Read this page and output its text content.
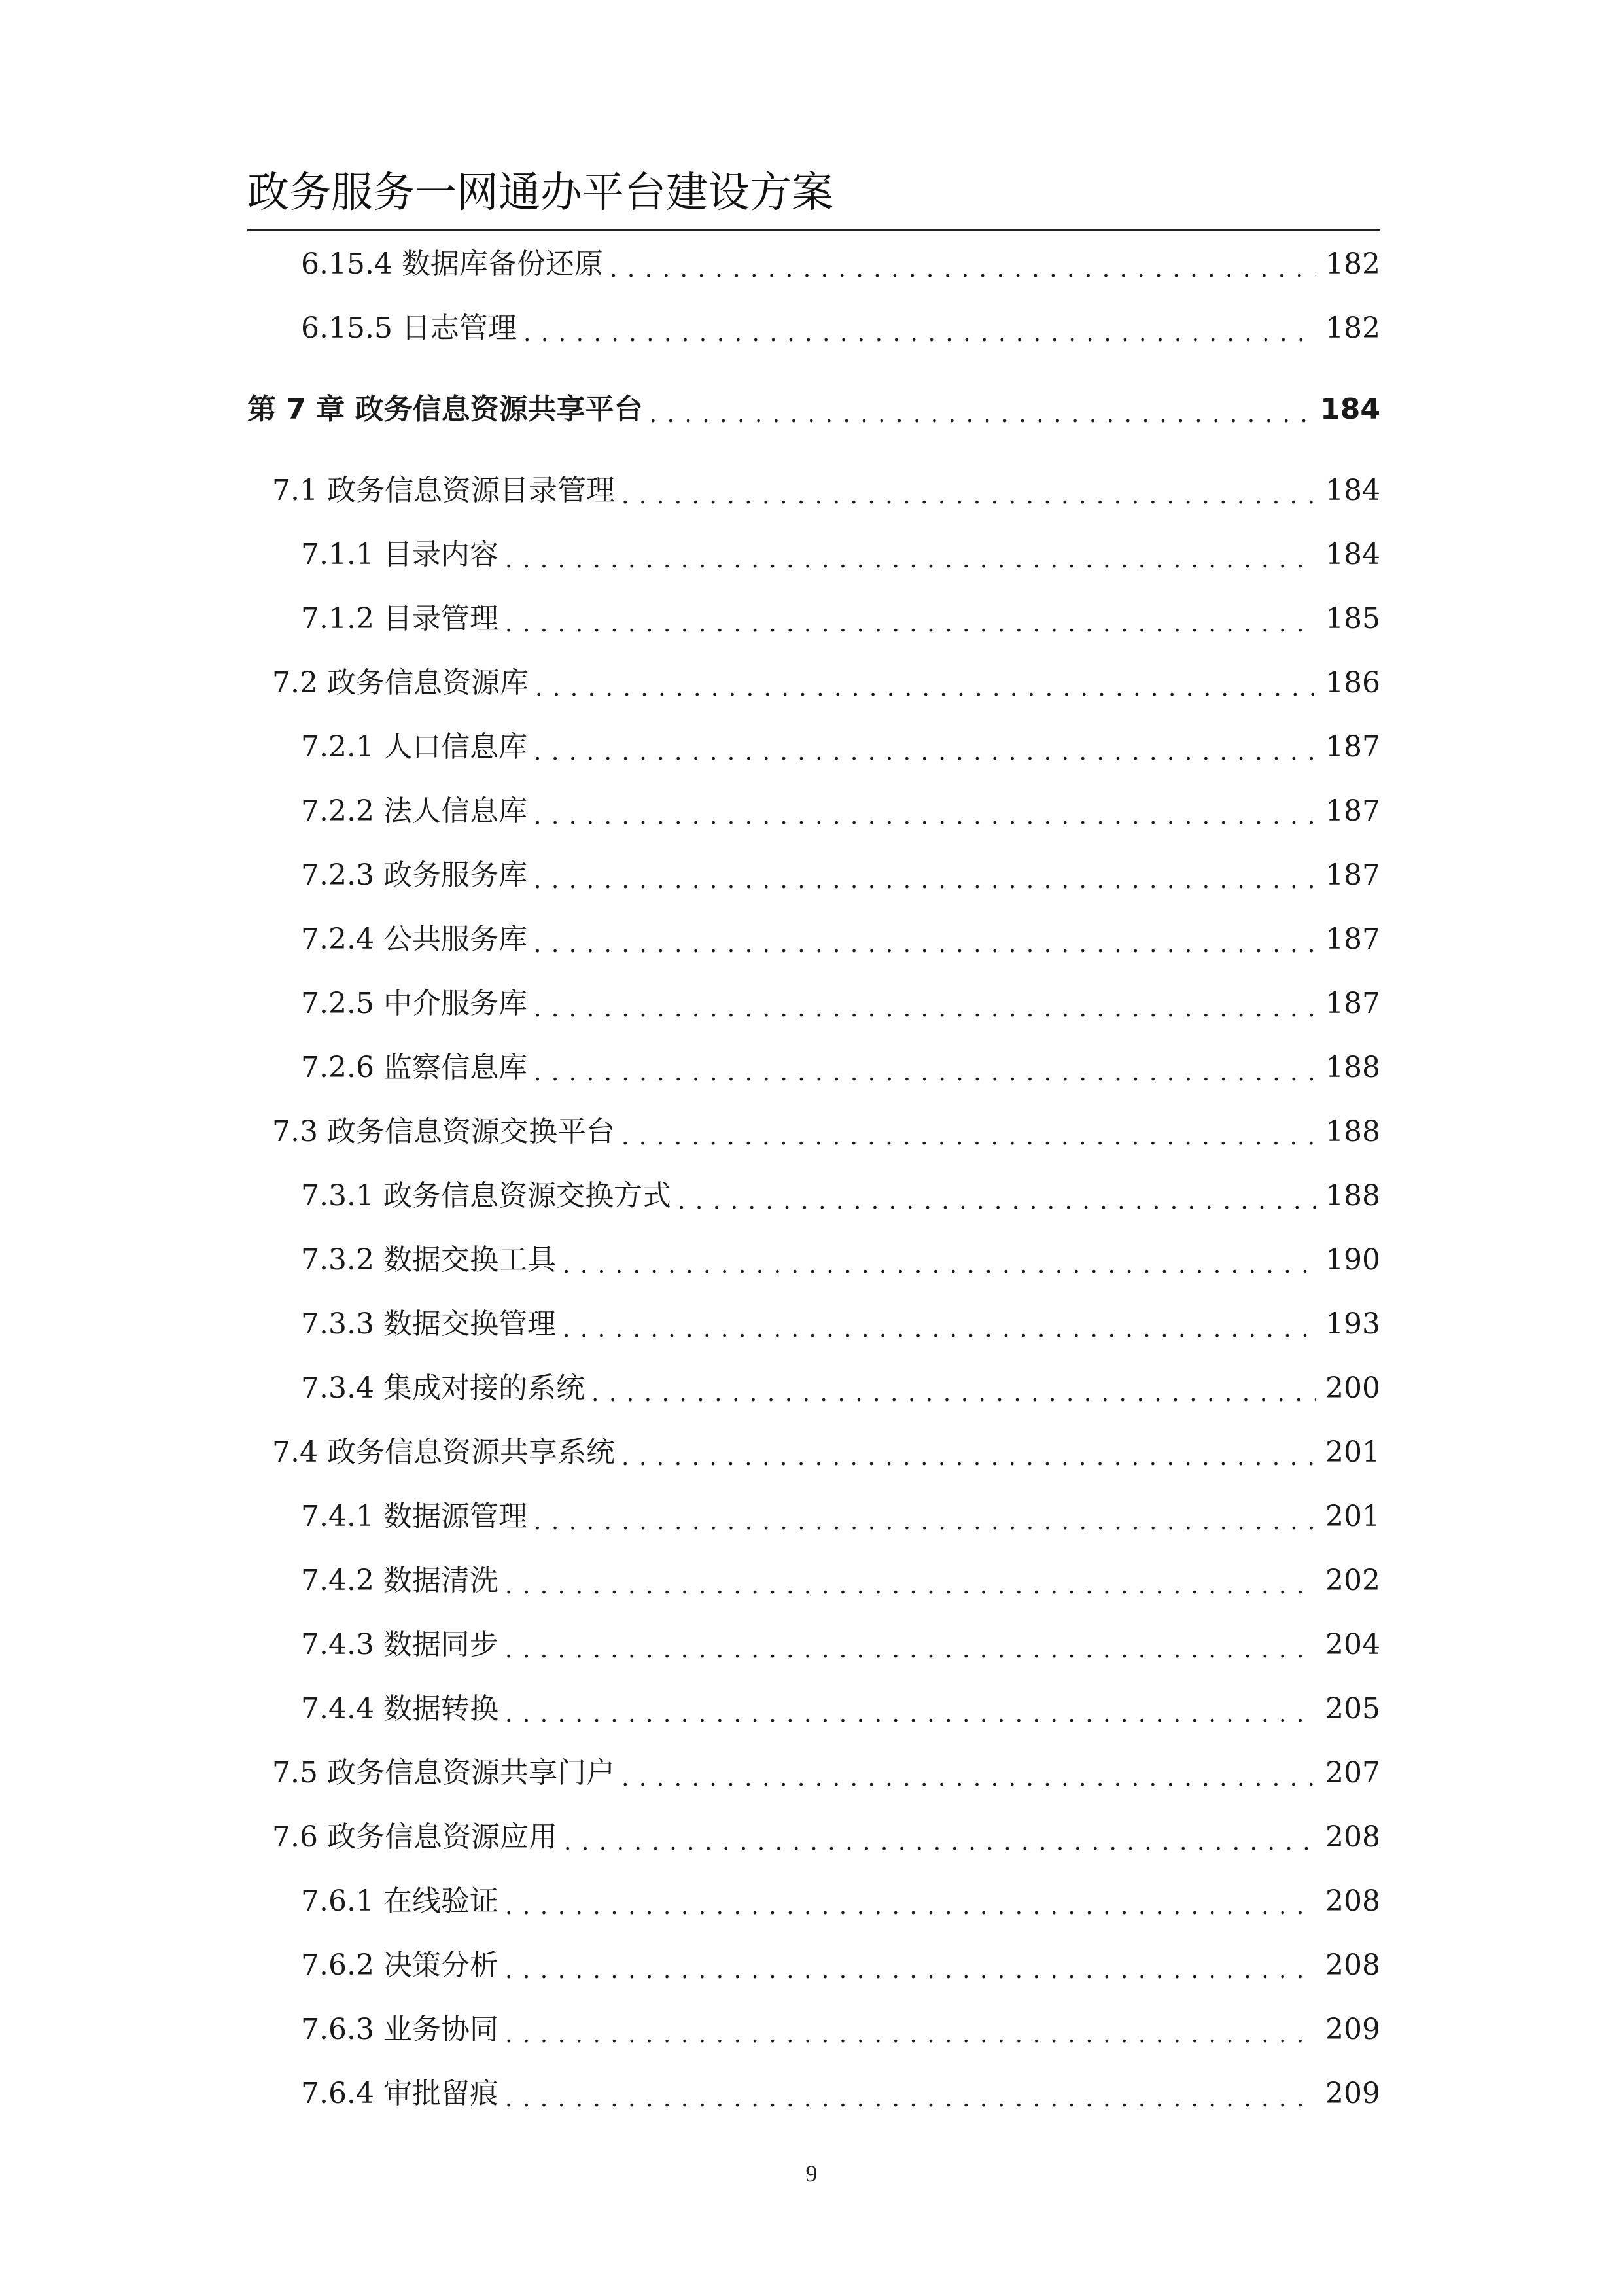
政务服务一网通办平台建设方案
6.15.4 数据库备份还原 . . .	182
6.15.5 日志管理 . . .	182
第 7 章 政务信息资源共享平台 . . .	184
7.1 政务信息资源目录管理 . . .	184
7.1.1 目录内容 . . .	184
7.1.2 目录管理 . . .	185
7.2 政务信息资源库 . . .	186
7.2.1 人口信息库 . . .	187
7.2.2 法人信息库 . . .	187
7.2.3 政务服务库 . . .	187
7.2.4 公共服务库 . . .	187
7.2.5 中介服务库 . . .	187
7.2.6 监察信息库 . . .	188
7.3 政务信息资源交换平台 . . .	188
7.3.1 政务信息资源交换方式 . . .	188
7.3.2 数据交换工具 . . .	190
7.3.3 数据交换管理 . . .	193
7.3.4 集成对接的系统 . . .	200
7.4 政务信息资源共享系统 . . .	201
7.4.1 数据源管理 . . .	201
7.4.2 数据清洗 . . .	202
7.4.3 数据同步 . . .	204
7.4.4 数据转换 . . .	205
7.5 政务信息资源共享门户 . . .	207
7.6 政务信息资源应用 . . .	208
7.6.1 在线验证 . . .	208
7.6.2 决策分析 . . .	208
7.6.3 业务协同 . . .	209
7.6.4 审批留痕 . . .	209
9
